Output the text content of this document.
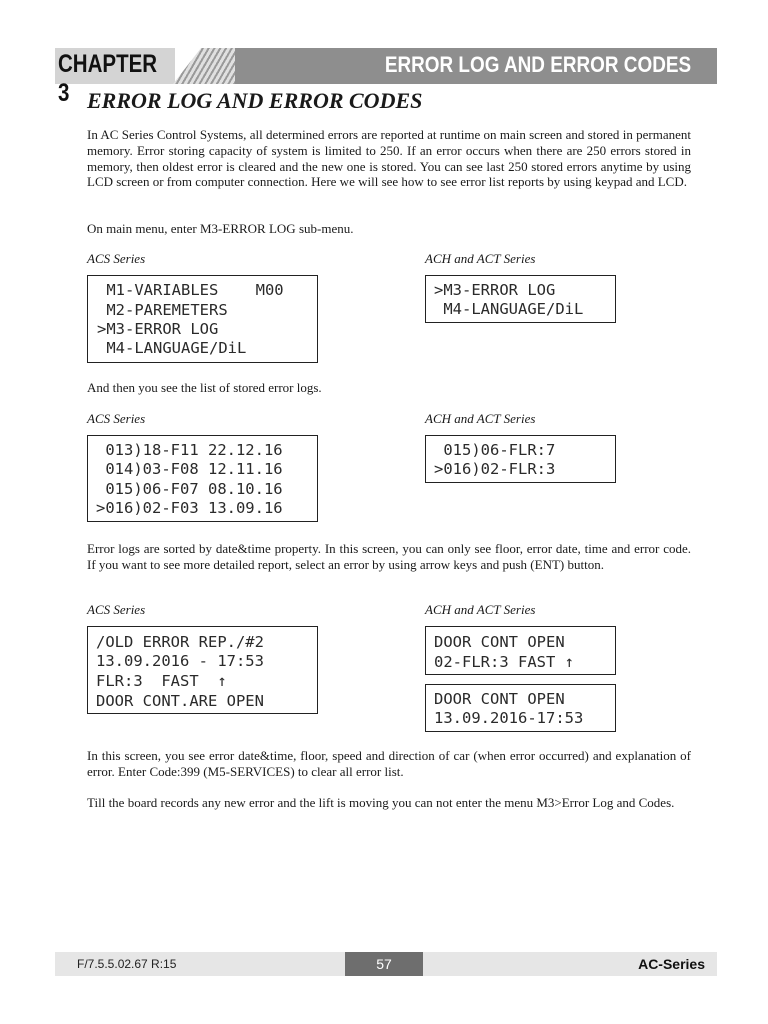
CHAPTER 3
ERROR LOG AND ERROR CODES
ERROR LOG AND ERROR CODES
In AC Series Control Systems, all determined errors are reported at runtime on main screen and stored in permanent memory. Error storing capacity of system is limited to 250. If an error occurs when there are 250 errors stored in memory, then oldest error is cleared and the new one is stored. You can see last 250 stored errors anytime by using LCD screen or from computer connection. Here we will see how to see error list reports by using keypad and LCD.
On main menu, enter M3-ERROR LOG sub-menu.
ACS Series	ACH and ACT Series
M1-VARIABLES    M00
M2-PAREMETERS
>M3-ERROR LOG
M4-LANGUAGE/DiL
>M3-ERROR LOG
M4-LANGUAGE/DiL
And then you see the list of stored error logs.
ACS Series	ACH and ACT Series
013)18-F11 22.12.16
014)03-F08 12.11.16
015)06-F07 08.10.16
>016)02-F03 13.09.16
015)06-FLR:7
>016)02-FLR:3
Error logs are sorted by date&time property. In this screen, you can only see floor, error date, time and error code. If you want to see more detailed report, select an error by using arrow keys and push (ENT) button.
ACS Series	ACH and ACT Series
/OLD ERROR REP./#2
13.09.2016 - 17:53
FLR:3  FAST  ↑
DOOR CONT.ARE OPEN
DOOR CONT OPEN
02-FLR:3 FAST ↑
DOOR CONT OPEN
13.09.2016-17:53
In this screen, you see error date&time, floor, speed and direction of car (when error occurred) and explanation of error. Enter Code:399 (M5-SERVICES) to clear all error list.
Till the board records any new error and the lift is moving you can not enter the menu M3>Error Log and Codes.
F/7.5.5.02.67 R:15	57	AC-Series
